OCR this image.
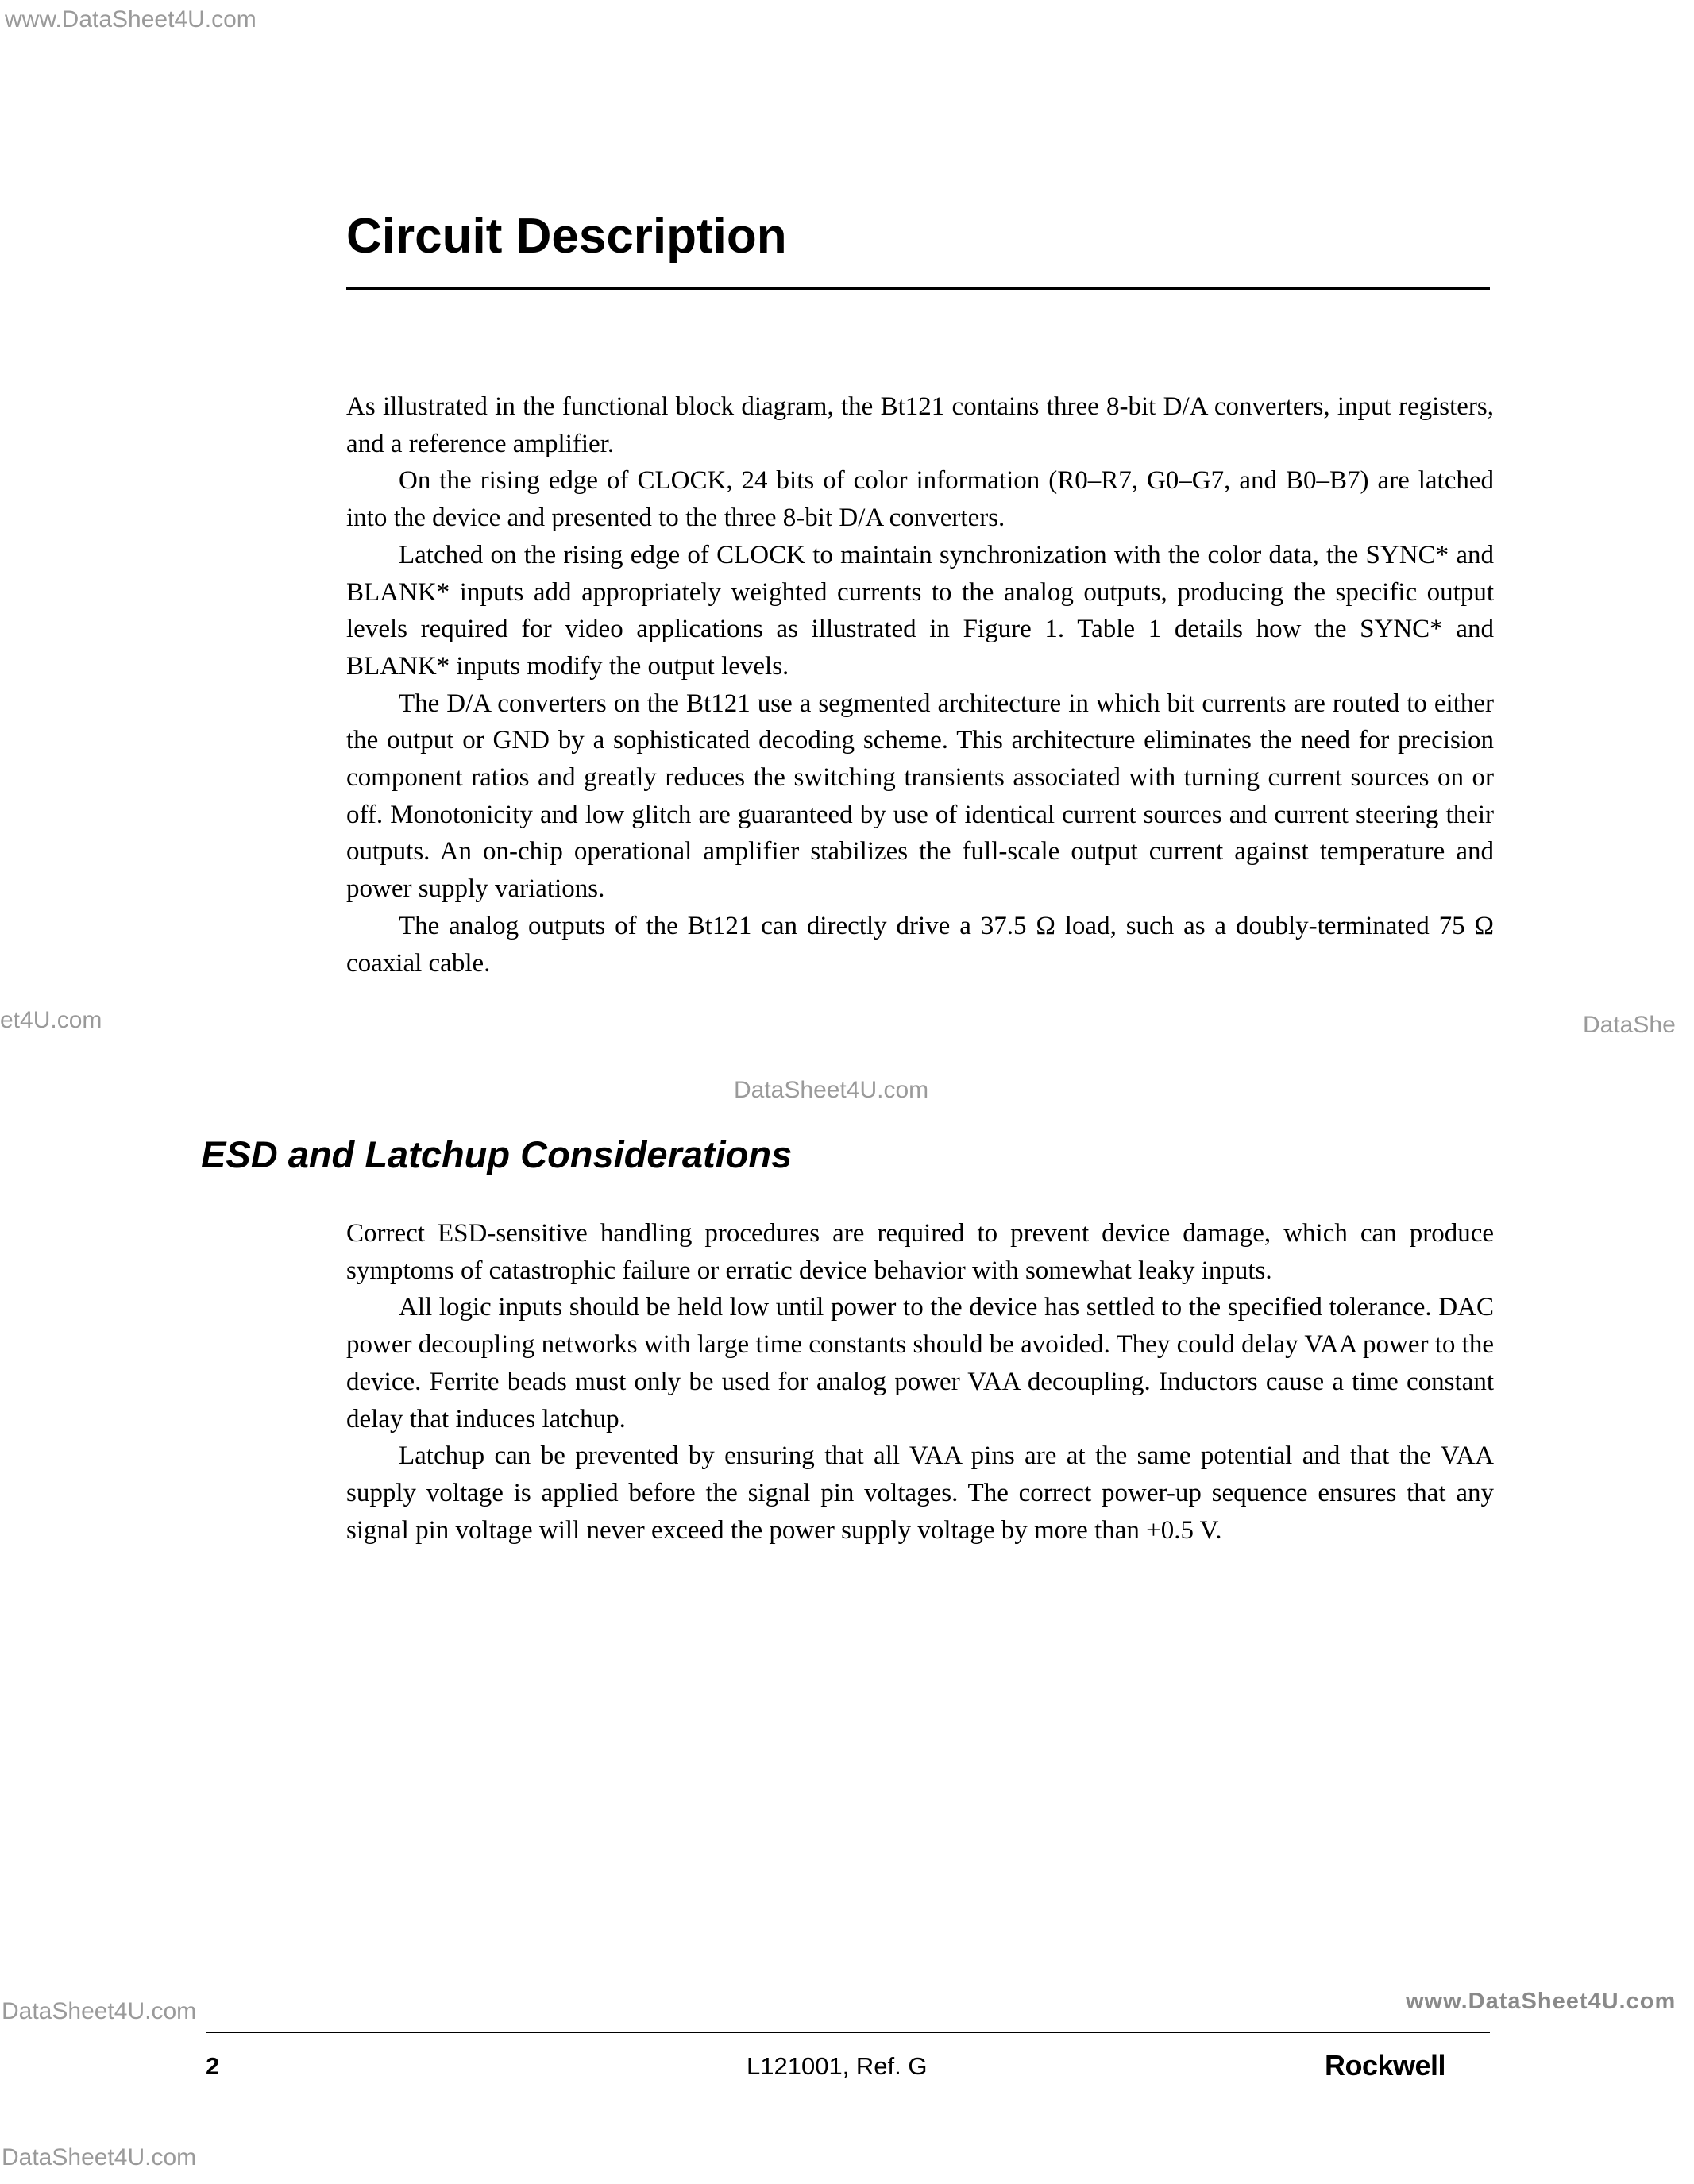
www.DataSheet4U.com
et4U.com	DataShe
DataSheet4U.com
DataSheet4U.com	www.DataSheet4U.com
DataSheet4U.com
Circuit Description

As illustrated in the functional block diagram, the Bt121 contains three 8-bit D/A converters, input registers, and a reference amplifier.

On the rising edge of CLOCK, 24 bits of color information (R0–R7, G0–G7, and B0–B7) are latched into the device and presented to the three 8-bit D/A converters.

Latched on the rising edge of CLOCK to maintain synchronization with the color data, the SYNC* and BLANK* inputs add appropriately weighted currents to the analog outputs, producing the specific output levels required for video applications as illustrated in Figure 1. Table 1 details how the SYNC* and BLANK* inputs modify the output levels.

The D/A converters on the Bt121 use a segmented architecture in which bit currents are routed to either the output or GND by a sophisticated decoding scheme. This architecture eliminates the need for precision component ratios and greatly reduces the switching transients associated with turning current sources on or off. Monotonicity and low glitch are guaranteed by use of identical current sources and current steering their outputs. An on-chip operational amplifier stabilizes the full-scale output current against temperature and power supply variations.

The analog outputs of the Bt121 can directly drive a 37.5 Ω load, such as a doubly-terminated 75 Ω coaxial cable.

ESD and Latchup Considerations

Correct ESD-sensitive handling procedures are required to prevent device damage, which can produce symptoms of catastrophic failure or erratic device behavior with somewhat leaky inputs.

All logic inputs should be held low until power to the device has settled to the specified tolerance. DAC power decoupling networks with large time constants should be avoided. They could delay VAA power to the device. Ferrite beads must only be used for analog power VAA decoupling. Inductors cause a time constant delay that induces latchup.

Latchup can be prevented by ensuring that all VAA pins are at the same potential and that the VAA supply voltage is applied before the signal pin voltages. The correct power-up sequence ensures that any signal pin voltage will never exceed the power supply voltage by more than +0.5 V.

2	L121001, Ref. G	Rockwell
